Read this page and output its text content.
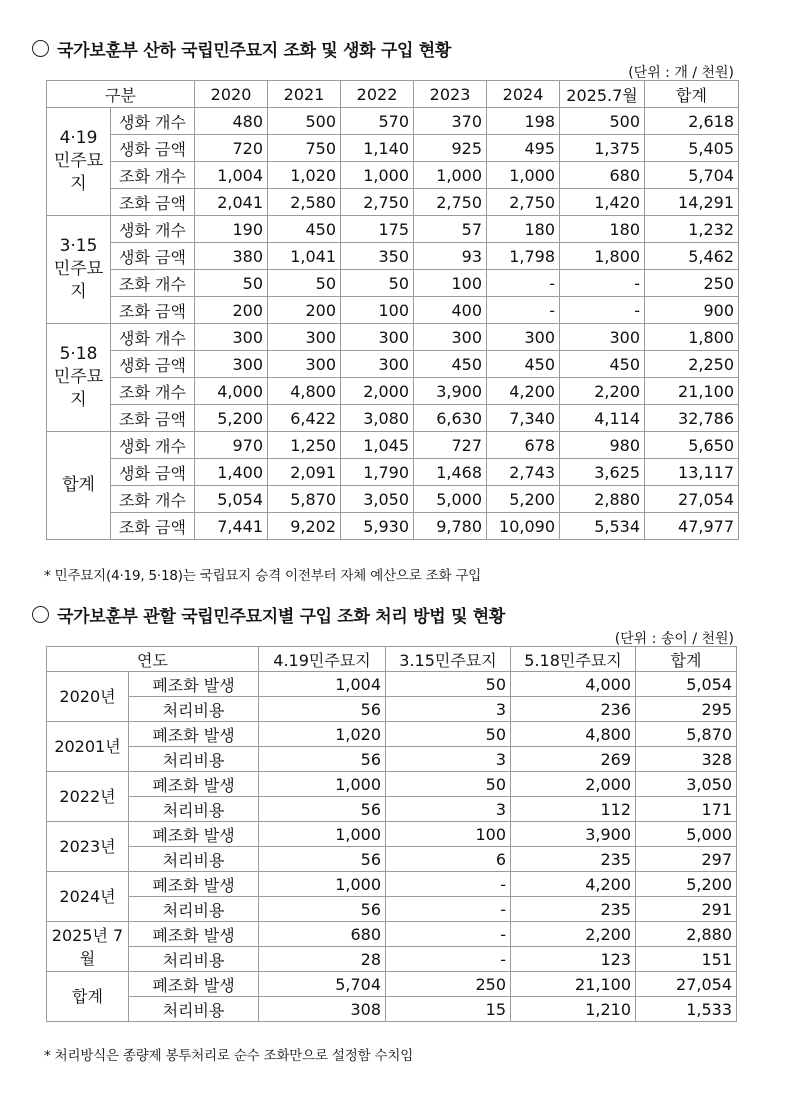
국가보훈부 산하 국립민주묘지 조화 및 생화 구입 현황
(단위 : 개 / 천원)
구분		2020	2021	2022	2023	2024	2025.7월	합계
4·19 민주묘지	생화 개수	480	500	570	370	198	500	2,618
	생화 금액	720	750	1,140	925	495	1,375	5,405
	조화 개수	1,004	1,020	1,000	1,000	1,000	680	5,704
	조화 금액	2,041	2,580	2,750	2,750	2,750	1,420	14,291
3·15 민주묘지	생화 개수	190	450	175	57	180	180	1,232
	생화 금액	380	1,041	350	93	1,798	1,800	5,462
	조화 개수	50	50	50	100	-	-	250
	조화 금액	200	200	100	400	-	-	900
5·18 민주묘지	생화 개수	300	300	300	300	300	300	1,800
	생화 금액	300	300	300	450	450	450	2,250
	조화 개수	4,000	4,800	2,000	3,900	4,200	2,200	21,100
	조화 금액	5,200	6,422	3,080	6,630	7,340	4,114	32,786
합계	생화 개수	970	1,250	1,045	727	678	980	5,650
	생화 금액	1,400	2,091	1,790	1,468	2,743	3,625	13,117
	조화 개수	5,054	5,870	3,050	5,000	5,200	2,880	27,054
	조화 금액	7,441	9,202	5,930	9,780	10,090	5,534	47,977
* 민주묘지(4·19, 5·18)는 국립묘지 승격 이전부터 자체 예산으로 조화 구입
국가보훈부 관할 국립민주묘지별 구입 조화 처리 방법 및 현황
(단위 : 송이 / 천원)
연도		4.19민주묘지	3.15민주묘지	5.18민주묘지	합계
2020년	폐조화 발생	1,004	50	4,000	5,054
	처리비용	56	3	236	295
20201년	폐조화 발생	1,020	50	4,800	5,870
	처리비용	56	3	269	328
2022년	폐조화 발생	1,000	50	2,000	3,050
	처리비용	56	3	112	171
2023년	폐조화 발생	1,000	100	3,900	5,000
	처리비용	56	6	235	297
2024년	폐조화 발생	1,000	-	4,200	5,200
	처리비용	56	-	235	291
2025년 7월	폐조화 발생	680	-	2,200	2,880
	처리비용	28	-	123	151
합계	폐조화 발생	5,704	250	21,100	27,054
	처리비용	308	15	1,210	1,533
* 처리방식은 종량제 봉투처리로 순수 조화만으로 설정함 수치임
